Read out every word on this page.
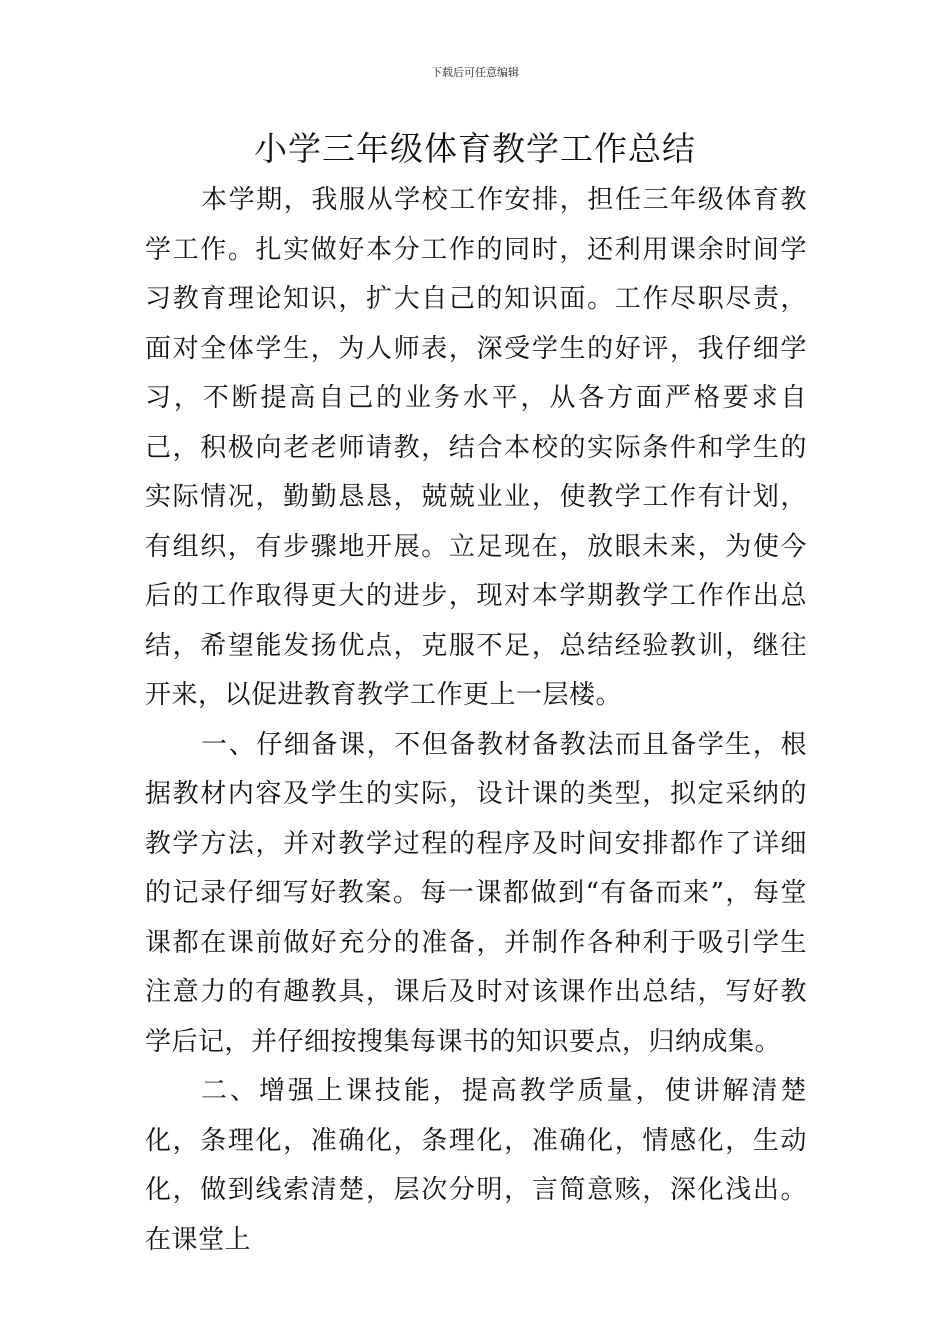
下载后可任意编辑
小学三年级体育教学工作总结

本学期，我服从学校工作安排，担任三年级体育教学工作。扎实做好本分工作的同时，还利用课余时间学习教育理论知识，扩大自己的知识面。工作尽职尽责，面对全体学生，为人师表，深受学生的好评，我仔细学习，不断提高自己的业务水平，从各方面严格要求自己，积极向老老师请教，结合本校的实际条件和学生的实际情况，勤勤恳恳，兢兢业业，使教学工作有计划，有组织，有步骤地开展。立足现在，放眼未来，为使今后的工作取得更大的进步，现对本学期教学工作作出总结，希望能发扬优点，克服不足，总结经验教训，继往开来，以促进教育教学工作更上一层楼。

一、仔细备课，不但备教材备教法而且备学生，根据教材内容及学生的实际，设计课的类型，拟定采纳的教学方法，并对教学过程的程序及时间安排都作了详细的记录仔细写好教案。每一课都做到“有备而来”，每堂课都在课前做好充分的准备，并制作各种利于吸引学生注意力的有趣教具，课后及时对该课作出总结，写好教学后记，并仔细按搜集每课书的知识要点，归纳成集。

二、增强上课技能，提高教学质量，使讲解清楚化，条理化，准确化，条理化，准确化，情感化，生动化，做到线索清楚，层次分明，言简意赅，深化浅出。在课堂上
